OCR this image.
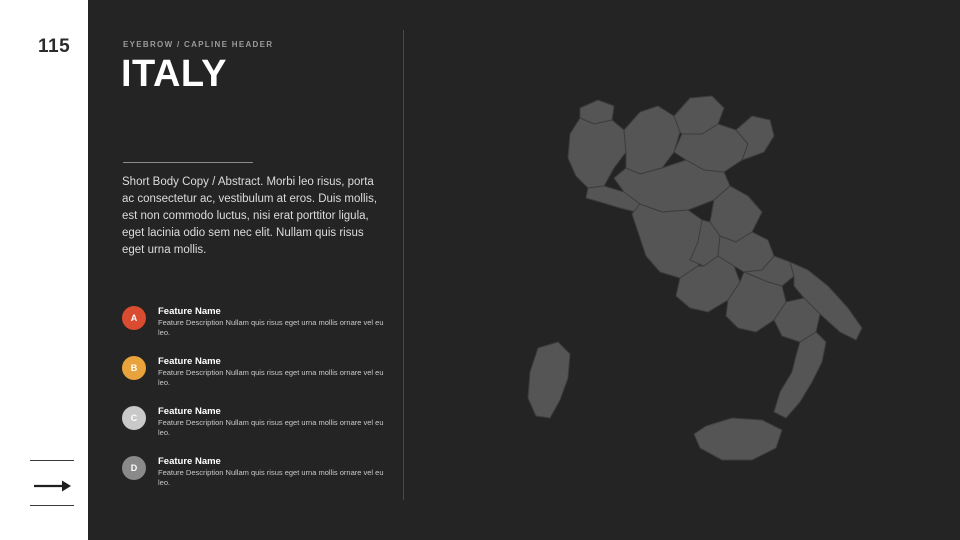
115	EYEBROW / CAPLINE HEADER
ITALY
Short Body Copy / Abstract. Morbi leo risus, porta ac consectetur ac, vestibulum at eros. Duis mollis, est non commodo luctus, nisi erat porttitor ligula, eget lacinia odio sem nec elit. Nullam quis risus eget urna mollis.
A
Feature Name
Feature Description Nullam quis risus eget urna mollis ornare vel eu leo.
B
Feature Name
Feature Description Nullam quis risus eget urna mollis ornare vel eu leo.
C
Feature Name
Feature Description Nullam quis risus eget urna mollis ornare vel eu leo.
D
Feature Name
Feature Description Nullam quis risus eget urna mollis ornare vel eu leo.
